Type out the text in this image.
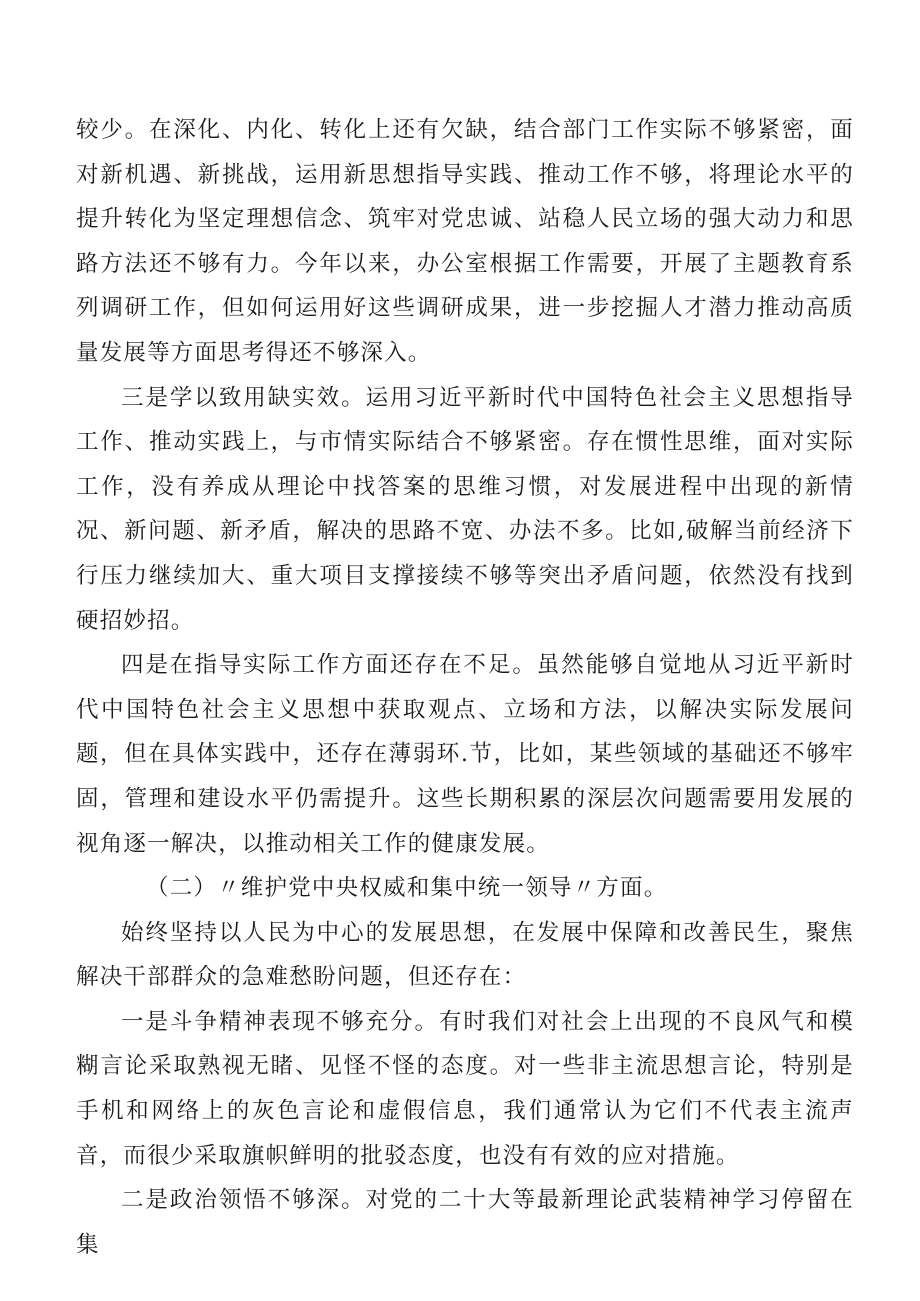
较少。在深化、内化、转化上还有欠缺，结合部门工作实际不够紧密，面对新机遇、新挑战，运用新思想指导实践、推动工作不够，将理论水平的提升转化为坚定理想信念、筑牢对党忠诚、站稳人民立场的强大动力和思路方法还不够有力。今年以来，办公室根据工作需要，开展了主题教育系列调研工作，但如何运用好这些调研成果，进一步挖掘人才潜力推动高质量发展等方面思考得还不够深入。

三是学以致用缺实效。运用习近平新时代中国特色社会主义思想指导工作、推动实践上，与市情实际结合不够紧密。存在惯性思维，面对实际工作，没有养成从理论中找答案的思维习惯，对发展进程中出现的新情况、新问题、新矛盾，解决的思路不宽、办法不多。比如,破解当前经济下行压力继续加大、重大项目支撑接续不够等突出矛盾问题，依然没有找到硬招妙招。

四是在指导实际工作方面还存在不足。虽然能够自觉地从习近平新时代中国特色社会主义思想中获取观点、立场和方法，以解决实际发展问题，但在具体实践中，还存在薄弱环.节，比如，某些领域的基础还不够牢固，管理和建设水平仍需提升。这些长期积累的深层次问题需要用发展的视角逐一解决，以推动相关工作的健康发展。

（二）〃维护党中央权威和集中统一领导〃方面。

始终坚持以人民为中心的发展思想，在发展中保障和改善民生，聚焦解决干部群众的急难愁盼问题，但还存在：

一是斗争精神表现不够充分。有时我们对社会上出现的不良风气和模糊言论采取熟视无睹、见怪不怪的态度。对一些非主流思想言论，特别是手机和网络上的灰色言论和虚假信息，我们通常认为它们不代表主流声音，而很少采取旗帜鲜明的批驳态度，也没有有效的应对措施。

二是政治领悟不够深。对党的二十大等最新理论武装精神学习停留在集
